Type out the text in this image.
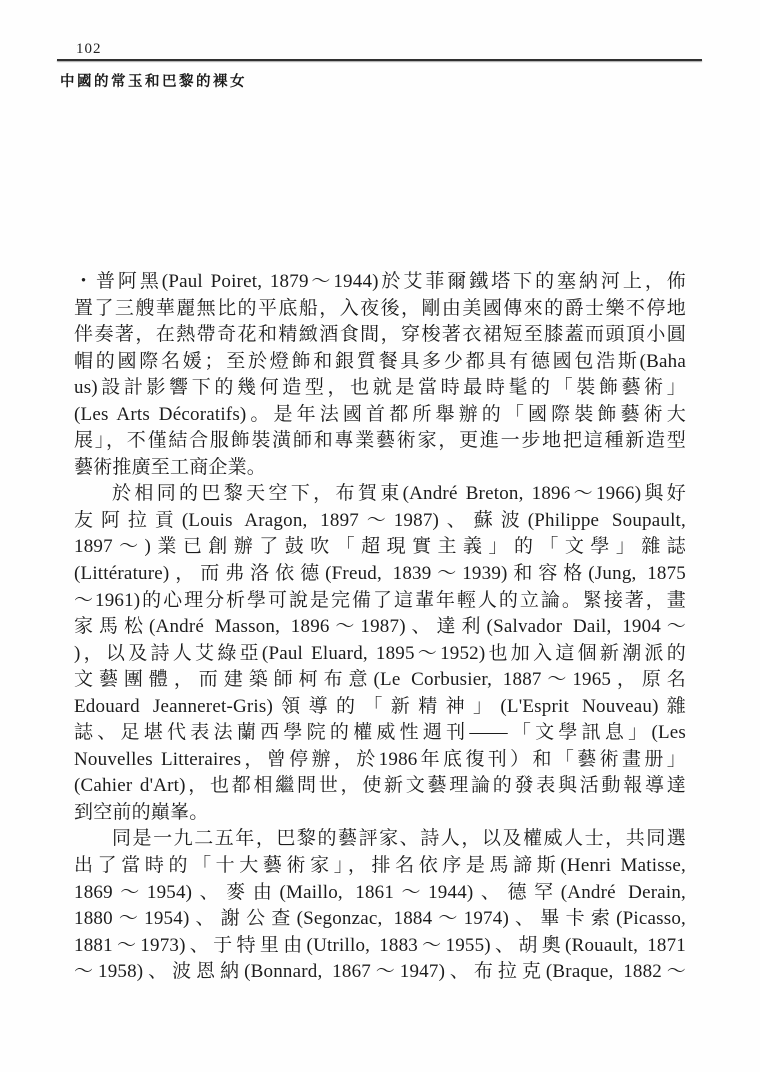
102
中國的常玉和巴黎的裸女
・普阿黑(Paul Poiret, 1879～1944)於艾菲爾鐵塔下的塞納河上，佈
置了三艘華麗無比的平底船，入夜後，剛由美國傳來的爵士樂不停地
伴奏著，在熱帶奇花和精緻酒食間，穿梭著衣裙短至膝蓋而頭頂小圓
帽的國際名媛；至於燈飾和銀質餐具多少都具有德國包浩斯(Baha
us)設計影響下的幾何造型，也就是當時最時髦的「裝飾藝術」
(Les Arts Décoratifs)。是年法國首都所舉辦的「國際裝飾藝術大
展」，不僅結合服飾裝潢師和專業藝術家，更進一步地把這種新造型
藝術推廣至工商企業。
於相同的巴黎天空下，布賀東(André Breton, 1896～1966)與好
友阿拉貢(Louis Aragon, 1897～1987)、蘇波(Philippe Soupault,
1897～)業已創辦了鼓吹「超現實主義」的「文學」雜誌
(Littérature)，而弗洛依德(Freud, 1839～1939)和容格(Jung, 1875
～1961)的心理分析學可說是完備了這輩年輕人的立論。緊接著，畫
家馬松(André Masson, 1896～1987)、達利(Salvador Dail, 1904～
)，以及詩人艾綠亞(Paul Eluard, 1895～1952)也加入這個新潮派的
文藝團體，而建築師柯布意(Le Corbusier, 1887～1965，原名
Edouard Jeanneret-Gris)領導的「新精神」(L'Esprit Nouveau)雜
誌、足堪代表法蘭西學院的權威性週刊——「文學訊息」(Les
Nouvelles Litteraires，曾停辦，於1986年底復刊）和「藝術畫册」
(Cahier d'Art)，也都相繼問世，使新文藝理論的發表與活動報導達
到空前的巔峯。
同是一九二五年，巴黎的藝評家、詩人，以及權威人士，共同選
出了當時的「十大藝術家」，排名依序是馬諦斯(Henri Matisse,
1869～1954)、麥由(Maillo, 1861～1944)、德罕(André Derain,
1880～1954)、謝公查(Segonzac, 1884～1974)、畢卡索(Picasso,
1881～1973)、于特里由(Utrillo, 1883～1955)、胡奧(Rouault, 1871
～1958)、波恩納(Bonnard, 1867～1947)、布拉克(Braque, 1882～
